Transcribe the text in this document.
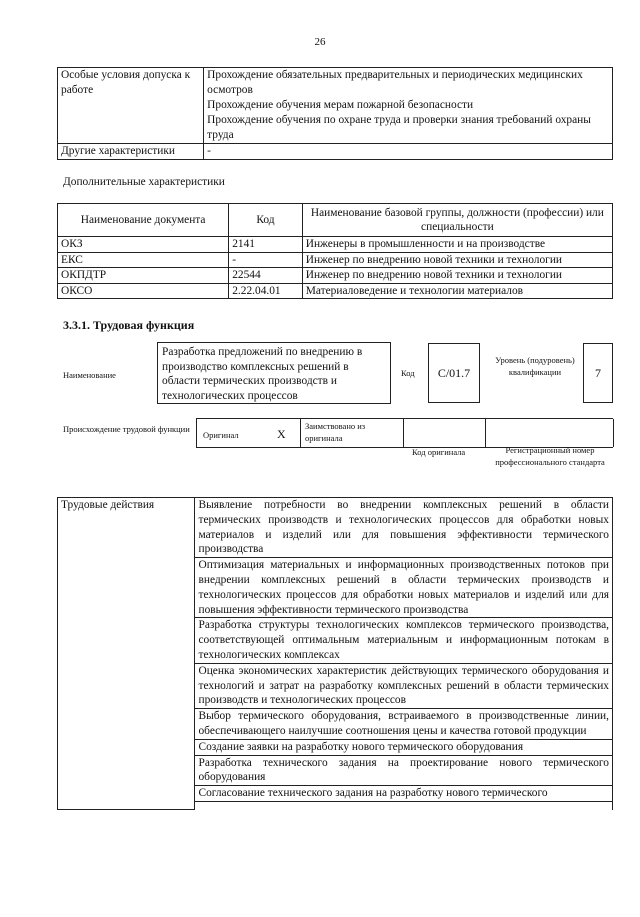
26
Особые условия допуска к работе	Прохождение обязательных предварительных и периодических медицинских осмотров
Прохождение обучения мерам пожарной безопасности
Прохождение обучения по охране труда и проверки знания требований охраны труда

Другие характеристики	-
Дополнительные характеристики
Наименование документа	Код	Наименование базовой группы, должности (профессии) или специальности
ОКЗ	2141	Инженеры в промышленности и на производстве
ЕКС	-	Инженер по внедрению новой техники и технологии
ОКПДТР	22544	Инженер по внедрению новой техники и технологии
ОКСО	2.22.04.01	Материаловедение и технологии материалов
3.3.1. Трудовая функция
Наименование
Разработка предложений по внедрению в производство комплексных решений в области термических производств и технологических процессов
Код	C/01.7
Уровень (подуровень) квалификации	7
Происхождение трудовой функции
Оригинал	X
Заимствовано из оригинала
Код оригинала	Регистрационный номер профессионального стандарта
Трудовые действия	Выявление потребности во внедрении комплексных решений в области термических производств и технологических процессов для обработки новых материалов и изделий или для повышения эффективности термического производства
Оптимизация материальных и информационных производственных потоков при внедрении комплексных решений в области термических производств и технологических процессов для обработки новых материалов и изделий или для повышения эффективности термического производства
Разработка структуры технологических комплексов термического производства, соответствующей оптимальным материальным и информационным потокам в технологических комплексах
Оценка экономических характеристик действующих термического оборудования и технологий и затрат на разработку комплексных решений в области термических производств и технологических процессов
Выбор термического оборудования, встраиваемого в производственные линии, обеспечивающего наилучшие соотношения цены и качества готовой продукции
Создание заявки на разработку нового термического оборудования
Разработка технического задания на проектирование нового термического оборудования
Согласование технического задания на разработку нового термического
